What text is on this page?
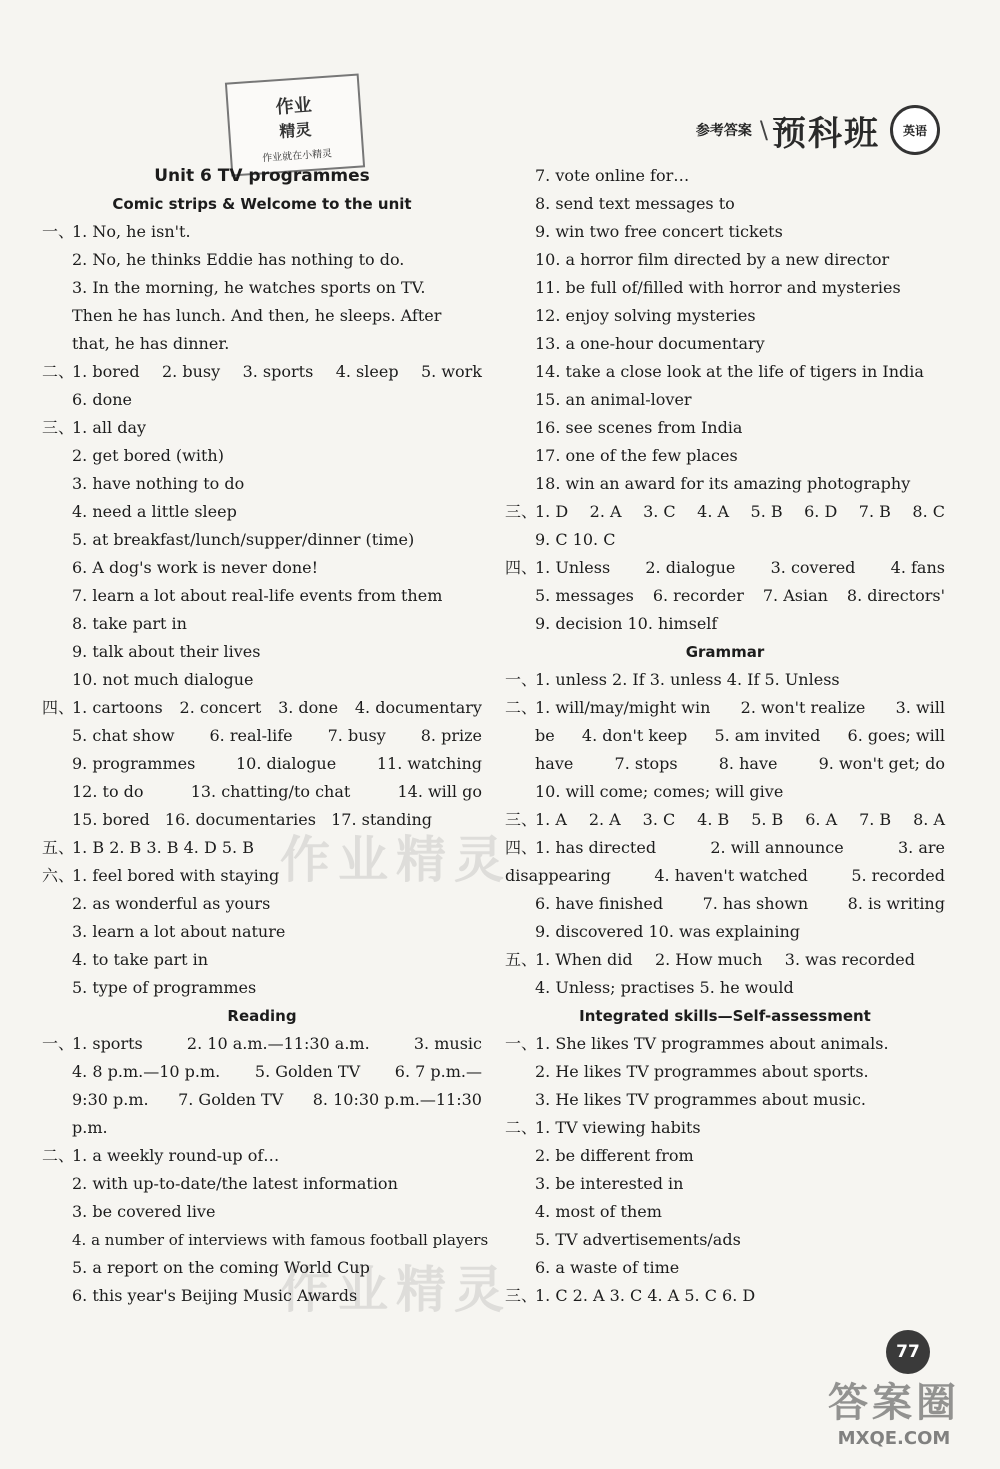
作业
精灵
作业就在小精灵
参考答案 \ 预科班	英语
作业精灵
作业精灵
Unit 6 TV programmes
Comic strips & Welcome to the unit
一、1. No, he isn't.
2. No, he thinks Eddie has nothing to do.
3. In the morning, he watches sports on TV.
Then he has lunch. And then, he sleeps. After
that, he has dinner.
二、1. bored 2. busy 3. sports 4. sleep 5. work
6. done
三、1. all day
2. get bored (with)
3. have nothing to do
4. need a little sleep
5. at breakfast/lunch/supper/dinner (time)
6. A dog's work is never done!
7. learn a lot about real-life events from them
8. take part in
9. talk about their lives
10. not much dialogue
四、1. cartoons 2. concert 3. done 4. documentary
5. chat show 6. real-life 7. busy 8. prize
9. programmes	10. dialogue	11. watching
12. to do	13. chatting/to chat	14. will go
15. bored 16. documentaries 17. standing
五、1. B 2. B 3. B 4. D 5. B
六、1. feel bored with staying
2. as wonderful as yours
3. learn a lot about nature
4. to take part in
5. type of programmes
Reading
一、1. sports	2. 10 a.m.—11:30 a.m.	3. music
4. 8 p.m.—10 p.m. 5. Golden TV 6. 7 p.m.—
9:30 p.m. 7. Golden TV 8. 10:30 p.m.—11:30
p.m.
二、1. a weekly round-up of…
2. with up-to-date/the latest information
3. be covered live
4. a number of interviews with famous football players
5. a report on the coming World Cup
6. this year's Beijing Music Awards
7. vote online for…
8. send text messages to
9. win two free concert tickets
10. a horror film directed by a new director
11. be full of/filled with horror and mysteries
12. enjoy solving mysteries
13. a one-hour documentary
14. take a close look at the life of tigers in India
15. an animal-lover
16. see scenes from India
17. one of the few places
18. win an award for its amazing photography
三、1. D 2. A 3. C 4. A 5. B 6. D 7. B 8. C
9. C 10. C
四、1. Unless 2. dialogue 3. covered 4. fans
5. messages 6. recorder 7. Asian 8. directors'
9. decision 10. himself
Grammar
一、1. unless 2. If 3. unless 4. If 5. Unless
二、1. will/may/might win 2. won't realize 3. will
be 4. don't keep 5. am invited 6. goes; will
have	7. stops	8. have	9. won't get; do
10. will come; comes; will give
三、1. A 2. A 3. C 4. B 5. B 6. A 7. B 8. A
四、1. has directed	2. will announce	3. are
disappearing	4. haven't watched	5. recorded
6. have finished 7. has shown 8. is writing
9. discovered 10. was explaining
五、1. When did 2. How much 3. was recorded
4. Unless; practises 5. he would
Integrated skills—Self-assessment
一、1. She likes TV programmes about animals.
2. He likes TV programmes about sports.
3. He likes TV programmes about music.
二、1. TV viewing habits
2. be different from
3. be interested in
4. most of them
5. TV advertisements/ads
6. a waste of time
三、1. C 2. A 3. C 4. A 5. C 6. D
77
答案圈
MXQE.COM
